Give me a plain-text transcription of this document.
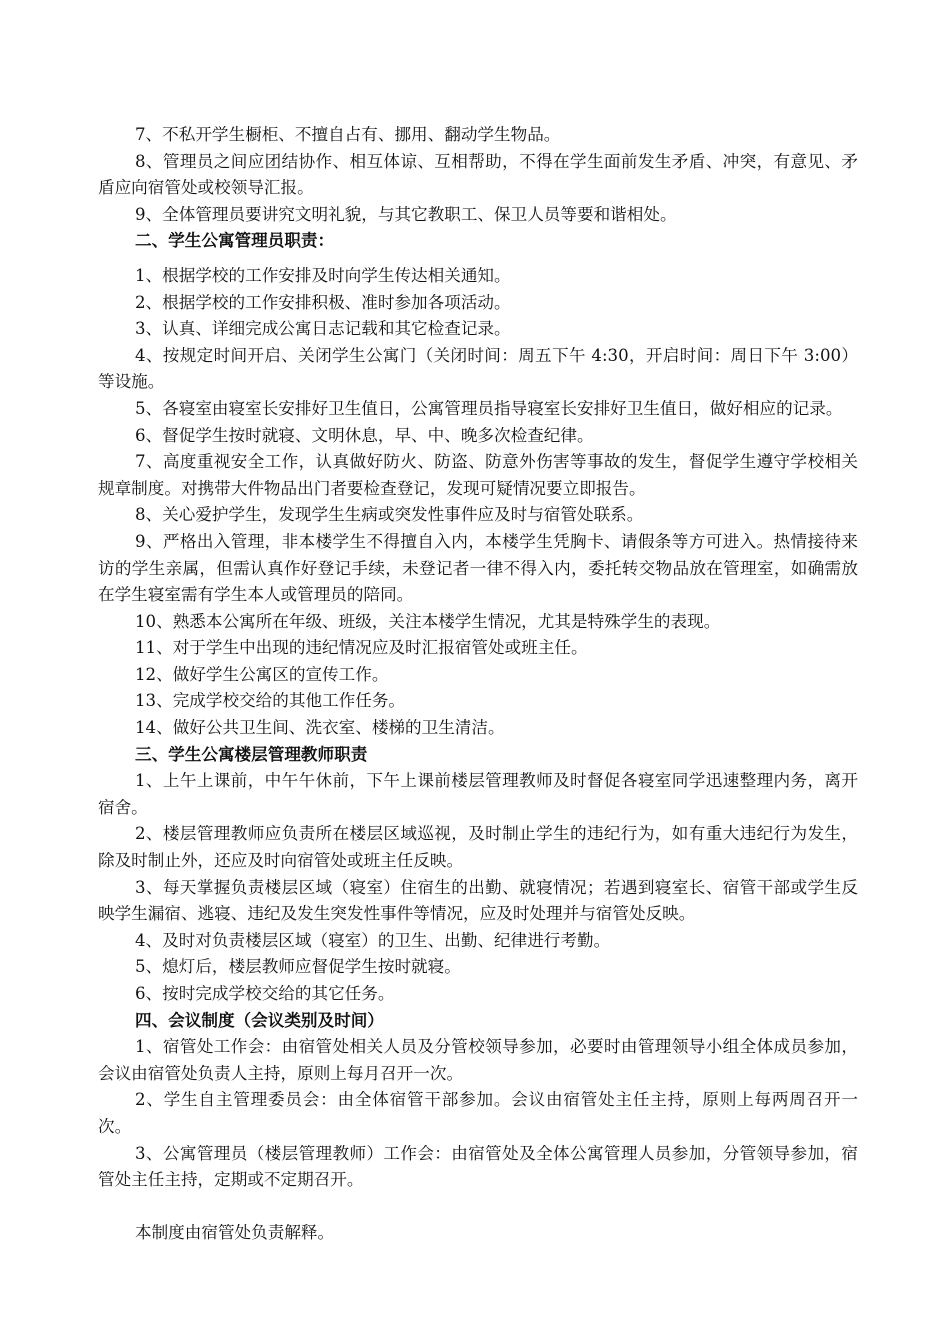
7、不私开学生橱柜、不擅自占有、挪用、翻动学生物品。

8、管理员之间应团结协作、相互体谅、互相帮助，不得在学生面前发生矛盾、冲突，有意见、矛盾应向宿管处或校领导汇报。

9、全体管理员要讲究文明礼貌，与其它教职工、保卫人员等要和谐相处。

二、学生公寓管理员职责：

1、根据学校的工作安排及时向学生传达相关通知。

2、根据学校的工作安排积极、准时参加各项活动。

3、认真、详细完成公寓日志记载和其它检查记录。

4、按规定时间开启、关闭学生公寓门（关闭时间：周五下午 4:30，开启时间：周日下午 3:00）等设施。

5、各寝室由寝室长安排好卫生值日，公寓管理员指导寝室长安排好卫生值日，做好相应的记录。

6、督促学生按时就寝、文明休息，早、中、晚多次检查纪律。

7、高度重视安全工作，认真做好防火、防盗、防意外伤害等事故的发生，督促学生遵守学校相关规章制度。对携带大件物品出门者要检查登记，发现可疑情况要立即报告。

8、关心爱护学生，发现学生生病或突发性事件应及时与宿管处联系。

9、严格出入管理，非本楼学生不得擅自入内，本楼学生凭胸卡、请假条等方可进入。热情接待来访的学生亲属，但需认真作好登记手续，未登记者一律不得入内，委托转交物品放在管理室，如确需放在学生寝室需有学生本人或管理员的陪同。

10、熟悉本公寓所在年级、班级，关注本楼学生情况，尤其是特殊学生的表现。

11、对于学生中出现的违纪情况应及时汇报宿管处或班主任。

12、做好学生公寓区的宣传工作。

13、完成学校交给的其他工作任务。

14、做好公共卫生间、洗衣室、楼梯的卫生清洁。

三、学生公寓楼层管理教师职责

1、上午上课前，中午午休前，下午上课前楼层管理教师及时督促各寝室同学迅速整理内务，离开宿舍。

2、楼层管理教师应负责所在楼层区域巡视，及时制止学生的违纪行为，如有重大违纪行为发生，除及时制止外，还应及时向宿管处或班主任反映。

3、每天掌握负责楼层区域（寝室）住宿生的出勤、就寝情况；若遇到寝室长、宿管干部或学生反映学生漏宿、逃寝、违纪及发生突发性事件等情况，应及时处理并与宿管处反映。

4、及时对负责楼层区域（寝室）的卫生、出勤、纪律进行考勤。

5、熄灯后，楼层教师应督促学生按时就寝。

6、按时完成学校交给的其它任务。

四、会议制度（会议类别及时间）

1、宿管处工作会：由宿管处相关人员及分管校领导参加，必要时由管理领导小组全体成员参加，会议由宿管处负责人主持，原则上每月召开一次。

2、学生自主管理委员会：由全体宿管干部参加。会议由宿管处主任主持，原则上每两周召开一次。

3、公寓管理员（楼层管理教师）工作会：由宿管处及全体公寓管理人员参加，分管领导参加，宿管处主任主持，定期或不定期召开。

本制度由宿管处负责解释。
